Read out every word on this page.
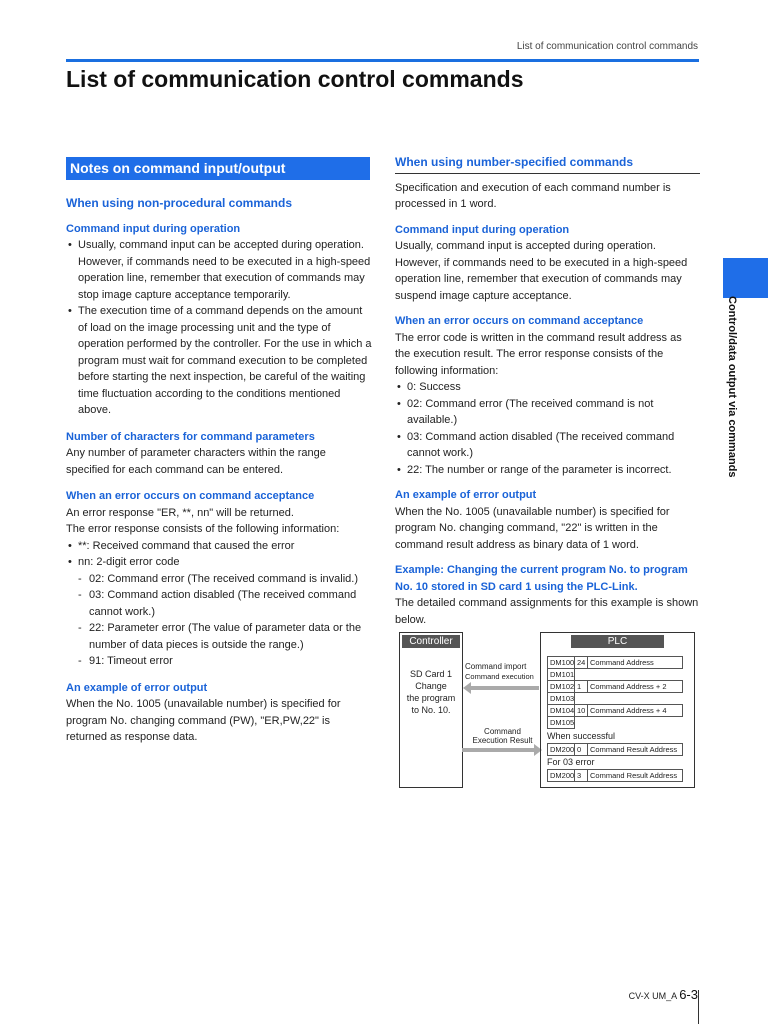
List of communication control commands
List of communication control commands
Notes on command input/output

When using non-procedural commands

Command input during operation

• Usually, command input can be accepted during operation. However, if commands need to be executed in a high-speed operation line, remember that execution of commands may stop image capture acceptance temporarily.
• The execution time of a command depends on the amount of load on the image processing unit and the type of operation performed by the controller. For the use in which a program must wait for command execution to be completed before starting the next inspection, be careful of the waiting time fluctuation according to the conditions mentioned above.

Number of characters for command parameters

Any number of parameter characters within the range specified for each command can be entered.

When an error occurs on command acceptance

An error response "ER, **, nn" will be returned.

The error response consists of the following information:

• **: Received command that caused the error
• nn: 2-digit error code
- 02: Command error (The received command is invalid.)
- 03: Command action disabled (The received command cannot work.)
- 22: Parameter error (The value of parameter data or the number of data pieces is outside the range.)
- 91: Timeout error

An example of error output

When the No. 1005 (unavailable number) is specified for program No. changing command (PW), "ER,PW,22" is returned as response data.

When using number-specified commands

Specification and execution of each command number is processed in 1 word.

Command input during operation

Usually, command input is accepted during operation. However, if commands need to be executed in a high-speed operation line, remember that execution of commands may suspend image capture acceptance.

When an error occurs on command acceptance

The error code is written in the command result address as the execution result. The error response consists of the following information:

• 0: Success
• 02: Command error (The received command is not available.)
• 03: Command action disabled (The received command cannot work.)
• 22: The number or range of the parameter is incorrect.

An example of error output

When the No. 1005 (unavailable number) is specified for program No. changing command, "22" is written in the command result address as binary data of 1 word.

Example: Changing the current program No. to program No. 10 stored in SD card 1 using the PLC-Link.

The detailed command assignments for this example is shown below.

Controller
SD Card 1
Change
the program
to No. 10.
Command import
Command execution
Command
Execution Result
PLC
DM100 24 Command Address
DM101
DM102 1 Command Address + 2
DM103
DM104 10 Command Address + 4
DM105
When successful
DM200 0 Command Result Address
For 03 error
DM200 3 Command Result Address
Control/data output via commands
CV-X UM_A 6-3
